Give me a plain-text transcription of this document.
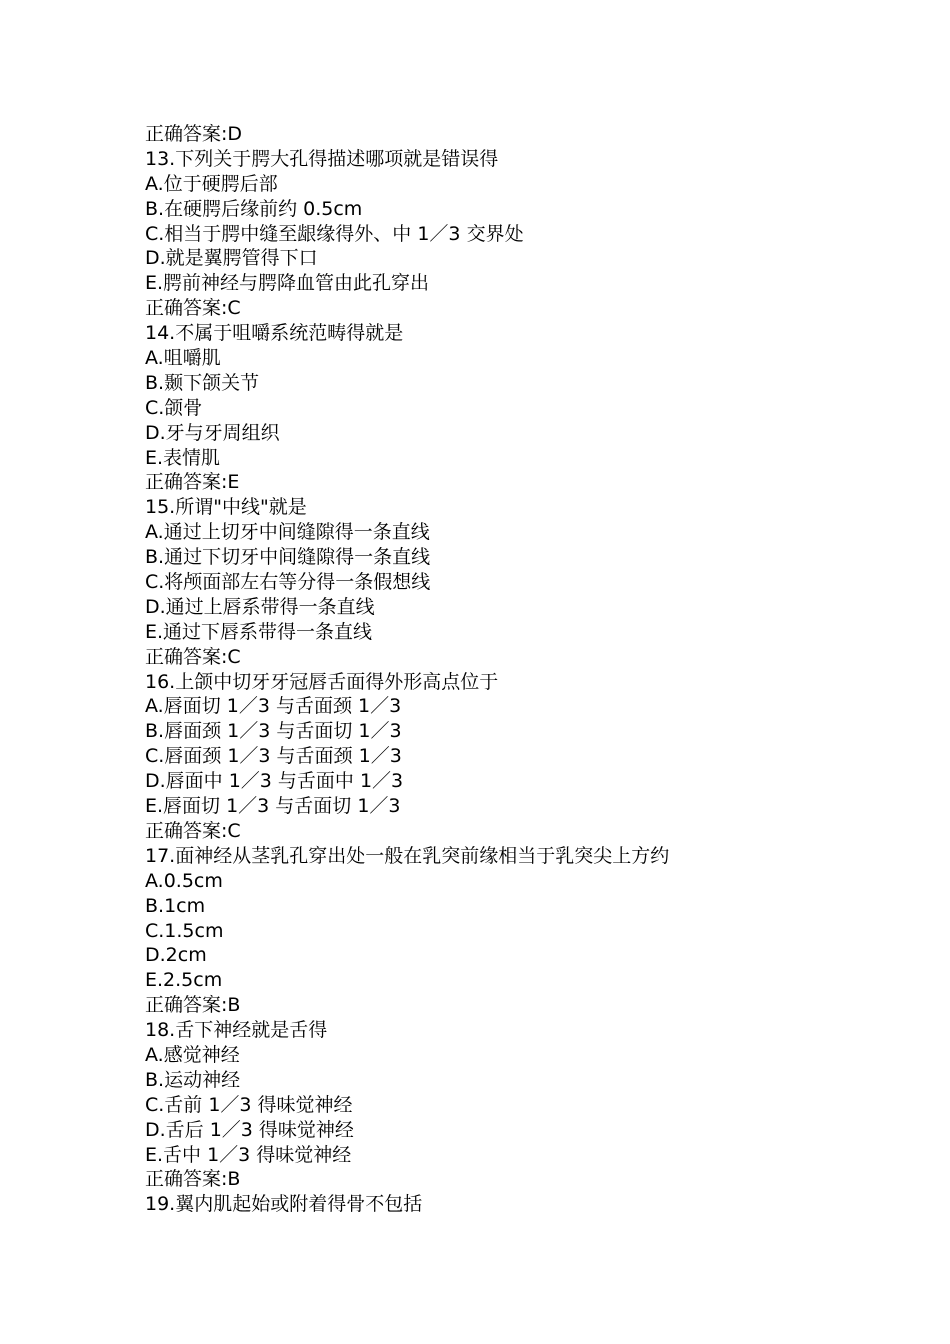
正确答案:D
13.下列关于腭大孔得描述哪项就是错误得
A.位于硬腭后部
B.在硬腭后缘前约 0.5cm
C.相当于腭中缝至龈缘得外、中 1／3 交界处
D.就是翼腭管得下口
E.腭前神经与腭降血管由此孔穿出
正确答案:C
14.不属于咀嚼系统范畴得就是
A.咀嚼肌
B.颞下颌关节
C.颌骨
D.牙与牙周组织
E.表情肌
正确答案:E
15.所谓"中线"就是
A.通过上切牙中间缝隙得一条直线
B.通过下切牙中间缝隙得一条直线
C.将颅面部左右等分得一条假想线
D.通过上唇系带得一条直线
E.通过下唇系带得一条直线
正确答案:C
16.上颌中切牙牙冠唇舌面得外形高点位于
A.唇面切 1／3 与舌面颈 1／3
B.唇面颈 1／3 与舌面切 1／3
C.唇面颈 1／3 与舌面颈 1／3
D.唇面中 1／3 与舌面中 1／3
E.唇面切 1／3 与舌面切 1／3
正确答案:C
17.面神经从茎乳孔穿出处一般在乳突前缘相当于乳突尖上方约
A.0.5cm
B.1cm
C.1.5cm
D.2cm
E.2.5cm
正确答案:B
18.舌下神经就是舌得
A.感觉神经
B.运动神经
C.舌前 1／3 得味觉神经
D.舌后 1／3 得味觉神经
E.舌中 1／3 得味觉神经
正确答案:B
19.翼内肌起始或附着得骨不包括
